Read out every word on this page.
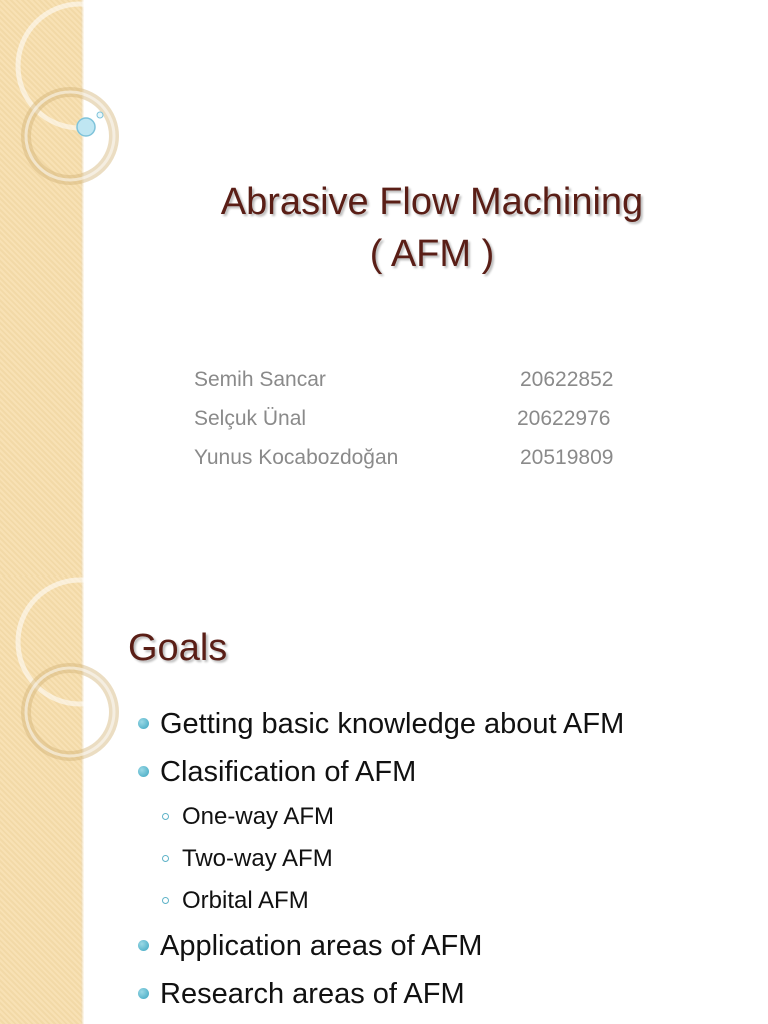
Abrasive Flow Machining
( AFM )
Semih Sancar	20622852
Selçuk Ünal	20622976
Yunus Kocabozdoğan	20519809
Goals
Getting basic knowledge about AFM
Clasification of AFM
One-way AFM
Two-way AFM
Orbital AFM
Application areas of AFM
Research areas of AFM
